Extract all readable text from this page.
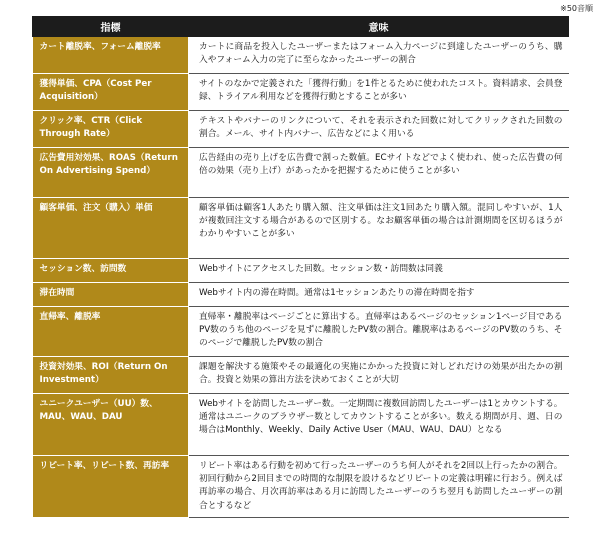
※50音順
指標	意味
カート離脱率、フォーム離脱率	カートに商品を投入したユーザーまたはフォーム入力ページに到達したユーザーのうち、購入やフォーム入力の完了に至らなかったユーザーの割合
獲得単価、CPA（Cost Per Acquisition）	サイトのなかで定義された「獲得行動」を1件とるために使われたコスト。資料請求、会員登録、トライアル利用などを獲得行動とすることが多い
クリック率、CTR（Click Through Rate）	テキストやバナーのリンクについて、それを表示された回数に対してクリックされた回数の割合。メール、サイト内バナー、広告などによく用いる
広告費用対効果、ROAS（Return On Advertising Spend）	広告経由の売り上げを広告費で割った数値。ECサイトなどでよく使われ、使った広告費の何倍の効果（売り上げ）があったかを把握するために使うことが多い
顧客単価、注文（購入）単価	顧客単価は顧客1人あたり購入額、注文単価は注文1回あたり購入額。混同しやすいが、1人が複数回注文する場合があるので区別する。なお顧客単価の場合は計測期間を区切るほうがわかりやすいことが多い
セッション数、訪問数	Webサイトにアクセスした回数。セッション数・訪問数は同義
滞在時間	Webサイト内の滞在時間。通常は1セッションあたりの滞在時間を指す
直帰率、離脱率	直帰率・離脱率はページごとに算出する。直帰率はあるページのセッション1ページ目であるPV数のうち他のページを見ずに離脱したPV数の割合。離脱率はあるページのPV数のうち、そのページで離脱したPV数の割合
投資対効果、ROI（Return On Investment）	課題を解決する施策やその最適化の実施にかかった投資に対しどれだけの効果が出たかの割合。投資と効果の算出方法を決めておくことが大切
ユニークユーザー（UU）数、MAU、WAU、DAU	Webサイトを訪問したユーザー数。一定期間に複数回訪問したユーザーは1とカウントする。通常はユニークのブラウザー数としてカウントすることが多い。数える期間が月、週、日の場合はMonthly、Weekly、Daily Active User（MAU、WAU、DAU）となる
リピート率、リピート数、再訪率	リピート率はある行動を初めて行ったユーザーのうち何人がそれを2回以上行ったかの割合。初回行動から2回目までの時間的な制限を設けるなどリピートの定義は明確に行おう。例えば再訪率の場合、月次再訪率はある月に訪問したユーザーのうち翌月も訪問したユーザーの割合とするなど
